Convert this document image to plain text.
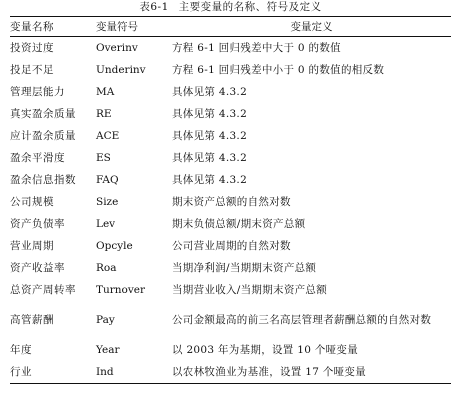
表6-1 主要变量的名称、符号及定义
变量名称	变量符号	变量定义
投资过度	Overinv	方程 6-1 回归残差中大于 0 的数值
投足不足	Underinv	方程 6-1 回归残差中小于 0 的数值的相反数
管理层能力	MA	具体见第 4.3.2
真实盈余质量	RE	具体见第 4.3.2
应计盈余质量	ACE	具体见第 4.3.2
盈余平滑度	ES	具体见第 4.3.2
盈余信息指数	FAQ	具体见第 4.3.2
公司规模	Size	期末资产总额的自然对数
资产负债率	Lev	期末负债总额/期末资产总额
营业周期	Opcyle	公司营业周期的自然对数
资产收益率	Roa	当期净利润/当期期末资产总额
总资产周转率	Turnover	当期营业收入/当期期末资产总额
高管薪酬	Pay	公司金额最高的前三名高层管理者薪酬总额的自然对数
年度	Year	以 2003 年为基期，设置 10 个哑变量
行业	Ind	以农林牧渔业为基准，设置 17 个哑变量
